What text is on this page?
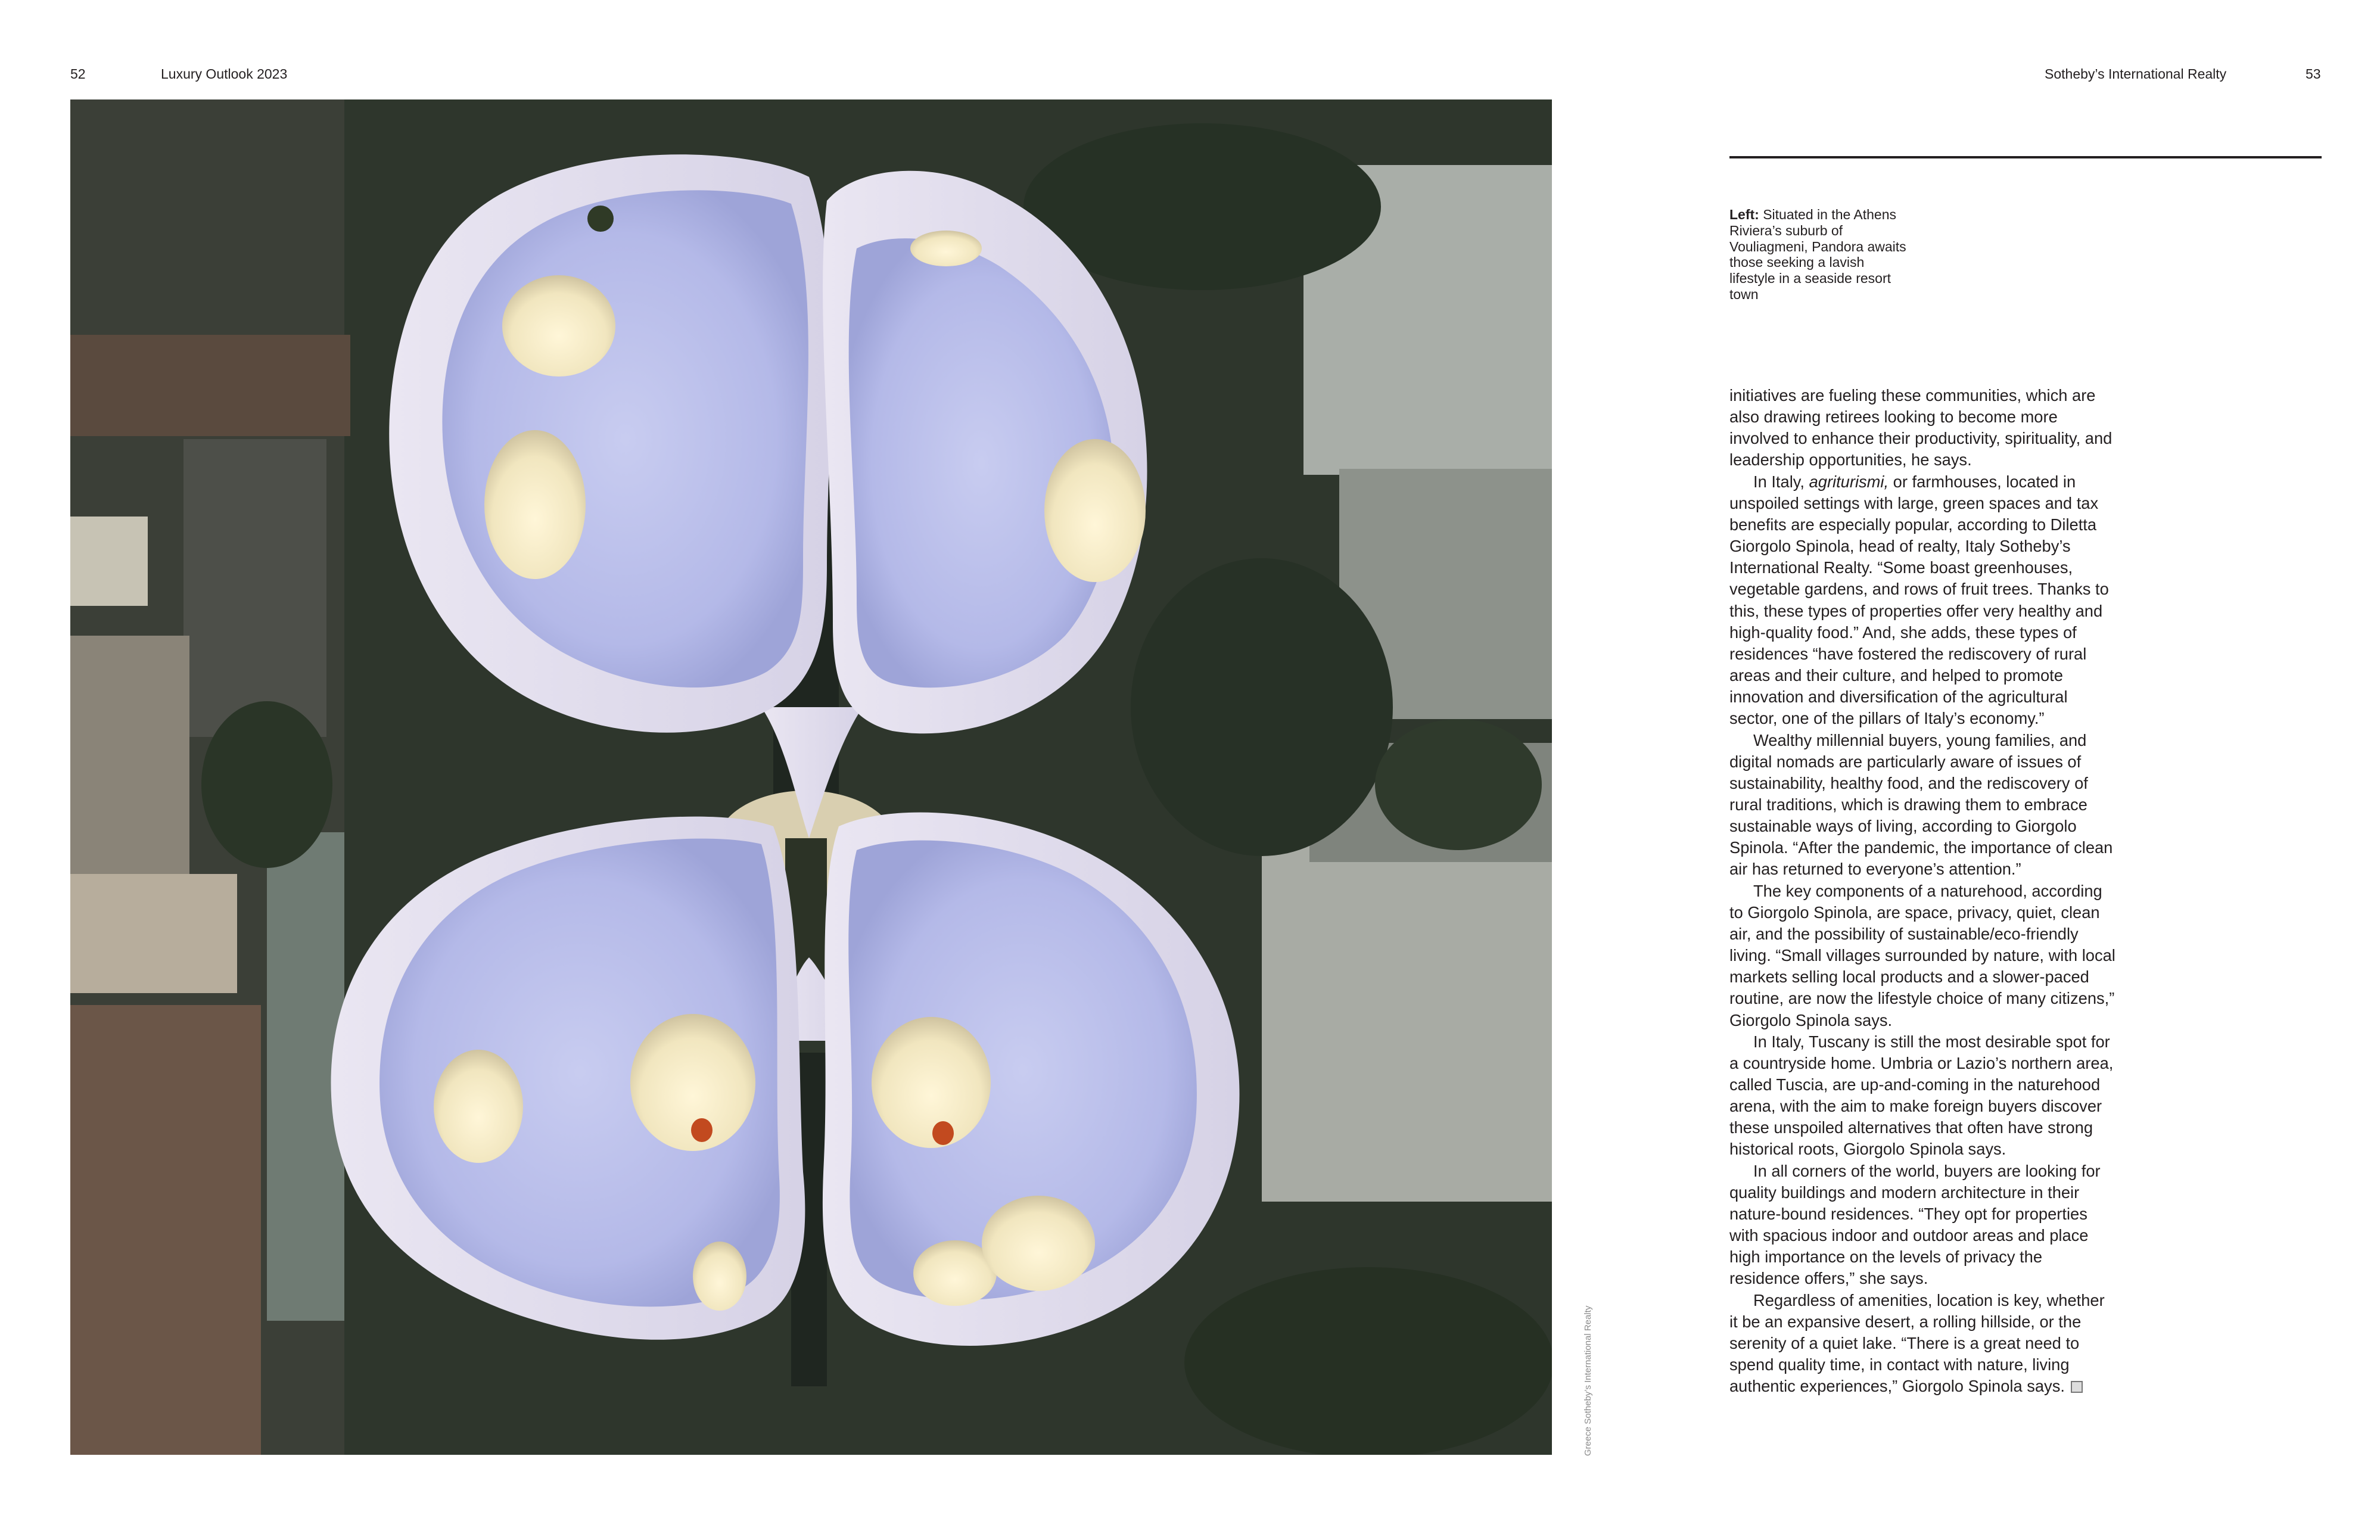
52	Luxury Outlook 2023	Sotheby’s International Realty	53
Greece Sotheby’s International Realty
Left: Situated in the Athens Riviera’s suburb of Vouliagmeni, Pandora awaits those seeking a lavish lifestyle in a seaside resort town

initiatives are fueling these communities, which are also drawing retirees looking to become more involved to enhance their productivity, spirituality, and leadership opportunities, he says.

In Italy, agriturismi, or farmhouses, located in unspoiled settings with large, green spaces and tax benefits are especially popular, according to Diletta Giorgolo Spinola, head of realty, Italy Sotheby’s International Realty. “Some boast greenhouses, vegetable gardens, and rows of fruit trees. Thanks to this, these types of properties offer very healthy and high-quality food.” And, she adds, these types of residences “have fostered the rediscovery of rural areas and their culture, and helped to promote innovation and diversification of the agricultural sector, one of the pillars of Italy’s economy.”

Wealthy millennial buyers, young families, and digital nomads are particularly aware of issues of sustainability, healthy food, and the rediscovery of rural traditions, which is drawing them to embrace sustainable ways of living, according to Giorgolo Spinola. “After the pandemic, the importance of clean air has returned to everyone’s attention.”

The key components of a naturehood, according to Giorgolo Spinola, are space, privacy, quiet, clean air, and the possibility of sustainable/eco-friendly living. “Small villages surrounded by nature, with local markets selling local products and a slower-paced routine, are now the lifestyle choice of many citizens,” Giorgolo Spinola says.

In Italy, Tuscany is still the most desirable spot for a countryside home. Umbria or Lazio’s northern area, called Tuscia, are up-and-coming in the naturehood arena, with the aim to make foreign buyers discover these unspoiled alternatives that often have strong historical roots, Giorgolo Spinola says.

In all corners of the world, buyers are looking for quality buildings and modern architecture in their nature-bound residences. “They opt for properties with spacious indoor and outdoor areas and place high importance on the levels of privacy the residence offers,” she says.

Regardless of amenities, location is key, whether it be an expansive desert, a rolling hillside, or the serenity of a quiet lake. “There is a great need to spend quality time, in contact with nature, living authentic experiences,” Giorgolo Spinola says.
